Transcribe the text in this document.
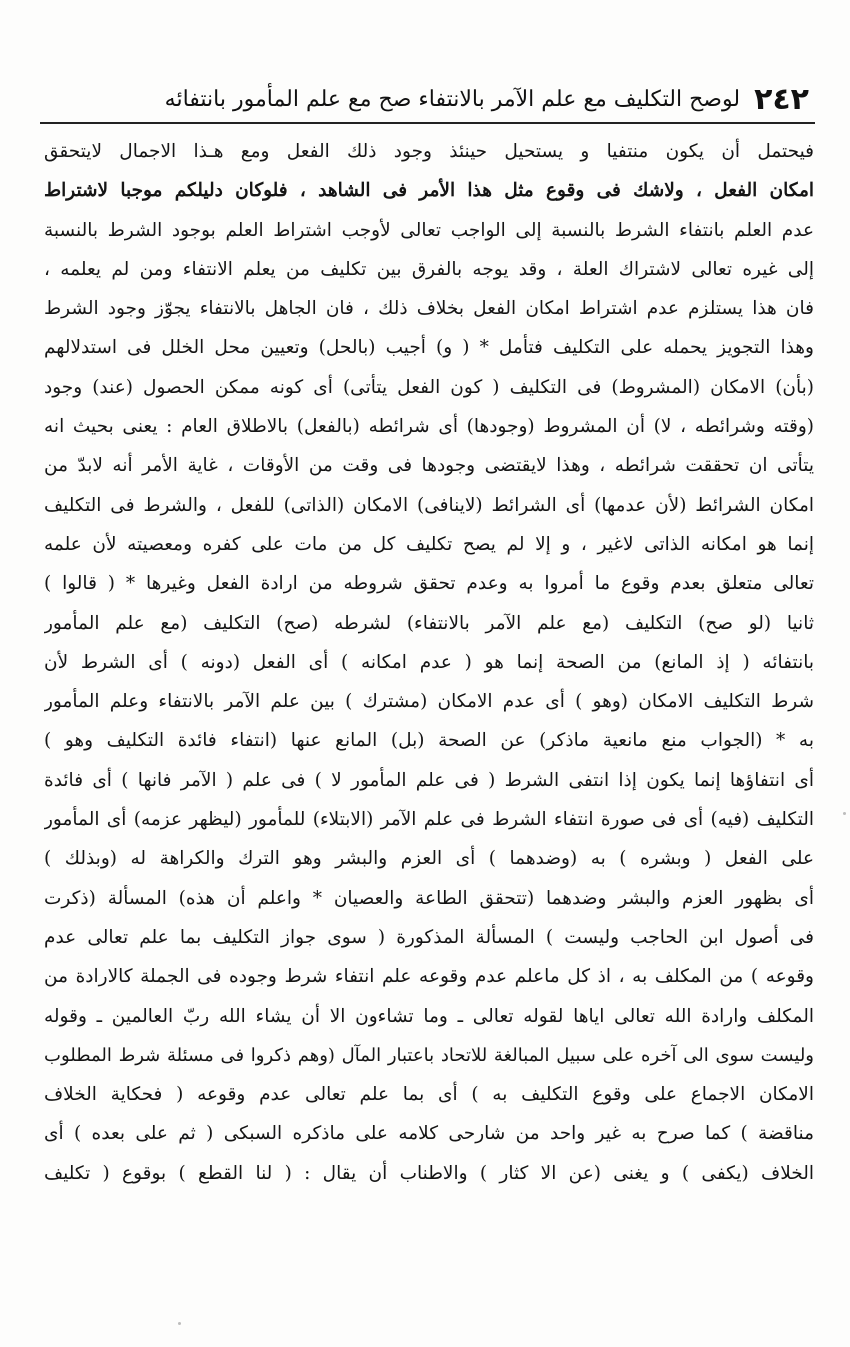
٢٤٢
لوصح التكليف مع علم الآمر بالانتفاء صح مع علم المأمور بانتفائه
فيحتمل أن يكون منتفيا و يستحيل حينئذ وجود ذلك الفعل ومع هـذا الاجمال لايتحقق
امكان الفعل ، ولاشك فى وقوع مثل هذا الأمر فى الشاهد ، فلوكان دليلكم موجبا لاشتراط
عدم العلم بانتفاء الشرط بالنسبة إلى الواجب تعالى لأوجب اشتراط العلم بوجود الشرط بالنسبة
إلى غيره تعالى لاشتراك العلة ، وقد يوجه بالفرق بين تكليف من يعلم الانتفاء ومن لم يعلمه ،
فان هذا يستلزم عدم اشتراط امكان الفعل بخلاف ذلك ، فان الجاهل بالانتفاء يجوّز وجود الشرط
وهذا التجويز يحمله على التكليف فتأمل * ( و) أجيب (بالحل) وتعيين محل الخلل فى استدلالهم
(بأن) الامكان (المشروط) فى التكليف ( كون الفعل يتأتى) أى كونه ممكن الحصول (عند) وجود
(وقته وشرائطه ، لا) أن المشروط (وجودها) أى شرائطه (بالفعل) بالاطلاق العام : يعنى بحيث انه
يتأتى ان تحققت شرائطه ، وهذا لايقتضى وجودها فى وقت من الأوقات ، غاية الأمر أنه لابدّ من
امكان الشرائط (لأن عدمها) أى الشرائط (لاينافى) الامكان (الذاتى) للفعل ، والشرط فى التكليف
إنما هو امكانه الذاتى لاغير ، و إلا لم يصح تكليف كل من مات على كفره ومعصيته لأن علمه
تعالى متعلق بعدم وقوع ما أمروا به وعدم تحقق شروطه من ارادة الفعل وغيرها * ( قالوا )
ثانيا (لو صح) التكليف (مع علم الآمر بالانتفاء) لشرطه (صح) التكليف (مع علم المأمور
بانتفائه ( إذ المانع) من الصحة إنما هو ( عدم امكانه ) أى الفعل (دونه ) أى الشرط لأن
شرط التكليف الامكان (وهو ) أى عدم الامكان (مشترك ) بين علم الآمر بالانتفاء وعلم المأمور
به * (الجواب منع مانعية ماذكر) عن الصحة (بل) المانع عنها (انتفاء فائدة التكليف وهو )
أى انتفاؤها إنما يكون إذا انتفى الشرط ( فى علم المأمور لا ) فى علم ( الآمر فانها ) أى فائدة
التكليف (فيه) أى فى صورة انتفاء الشرط فى علم الآمر (الابتلاء) للمأمور (ليظهر عزمه) أى المأمور
على الفعل ( وبشره ) به (وضدهما ) أى العزم والبشر وهو الترك والكراهة له (وبذلك )
أى بظهور العزم والبشر وضدهما (تتحقق الطاعة والعصيان * واعلم أن هذه) المسألة (ذكرت
فى أصول ابن الحاجب وليست ) المسألة المذكورة ( سوى جواز التكليف بما علم تعالى عدم
وقوعه ) من المكلف به ، اذ كل ماعلم عدم وقوعه علم انتفاء شرط وجوده فى الجملة كالارادة من
المكلف وارادة الله تعالى اياها لقوله تعالى ـ وما تشاءون الا أن يشاء الله ربّ العالمين ـ وقوله
وليست سوى الى آخره على سبيل المبالغة للاتحاد باعتبار المآل (وهم ذكروا فى مسئلة شرط المطلوب
الامكان الاجماع على وقوع التكليف به ) أى بما علم تعالى عدم وقوعه ( فحكاية الخلاف
مناقضة ) كما صرح به غير واحد من شارحى كلامه على ماذكره السبكى ( ثم على بعده ) أى
الخلاف (يكفى ) و يغنى (عن الا كثار ) والاطناب أن يقال : ( لنا القطع ) بوقوع ( تكليف
